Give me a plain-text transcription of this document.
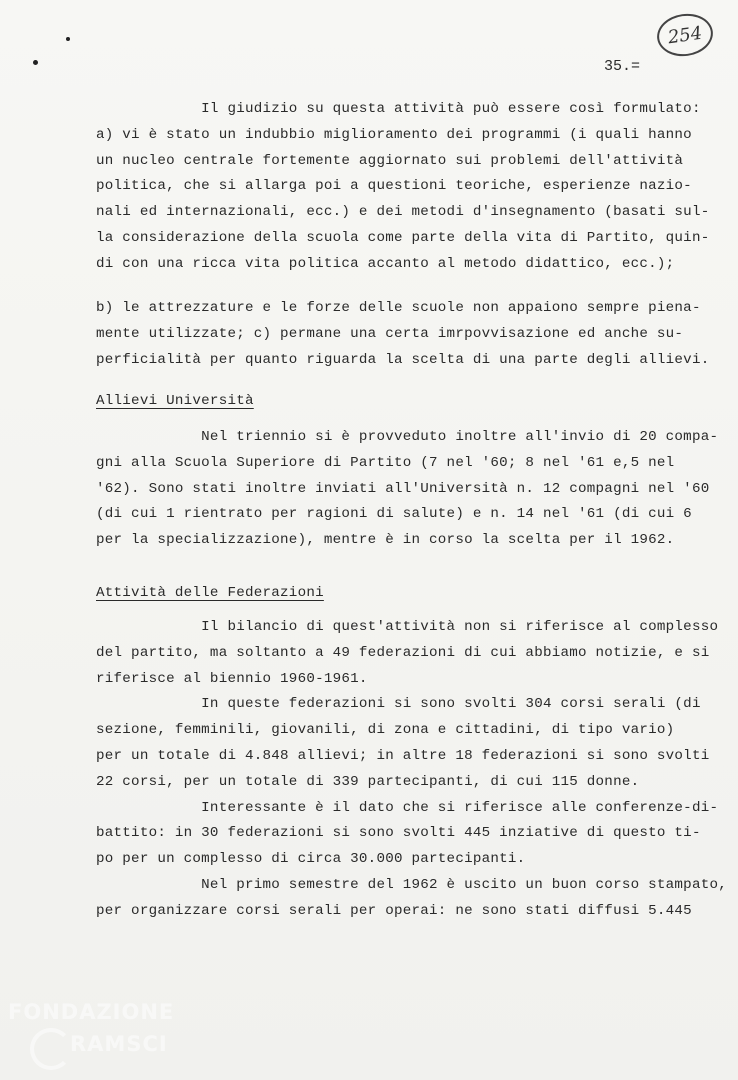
254
35.=
Il giudizio su questa attività può essere così formulato:
a) vi è stato un indubbio miglioramento dei programmi (i quali hanno
un nucleo centrale fortemente aggiornato sui problemi dell'attività
politica, che si allarga poi a questioni teoriche, esperienze nazio-
nali ed internazionali, ecc.) e dei metodi d'insegnamento (basati sul-
la considerazione della scuola come parte della vita di Partito, quin-
di con una ricca vita politica accanto al metodo didattico, ecc.);
b) le attrezzature e le forze delle scuole non appaiono sempre piena-
mente utilizzate; c) permane una certa imrpovvisazione ed anche su-
perficialità per quanto riguarda la scelta di una parte degli allievi.
Allievi Università
Nel triennio si è provveduto inoltre all'invio di 20 compa-
gni alla Scuola Superiore di Partito (7 nel '60; 8 nel '61 e,5 nel
'62). Sono stati inoltre inviati all'Università n. 12 compagni nel '60
(di cui 1 rientrato per ragioni di salute) e n. 14 nel '61 (di cui 6
per la specializzazione), mentre è in corso la scelta per il 1962.
Attività delle Federazioni
Il bilancio di quest'attività non si riferisce al complesso
del partito, ma soltanto a 49 federazioni di cui abbiamo notizie, e si
riferisce al biennio 1960-1961.
In queste federazioni si sono svolti 304 corsi serali (di
sezione, femminili, giovanili, di zona e cittadini, di tipo vario)
per un totale di 4.848 allievi; in altre 18 federazioni si sono svolti
22 corsi, per un totale di 339 partecipanti, di cui 115 donne.
Interessante è il dato che si riferisce alle conferenze-di-
battito: in 30 federazioni si sono svolti 445 inziative di questo ti-
po per un complesso di circa 30.000 partecipanti.
Nel primo semestre del 1962 è uscito un buon corso stampato,
per organizzare corsi serali per operai: ne sono stati diffusi 5.445
FONDAZIONE
RAMSCI
